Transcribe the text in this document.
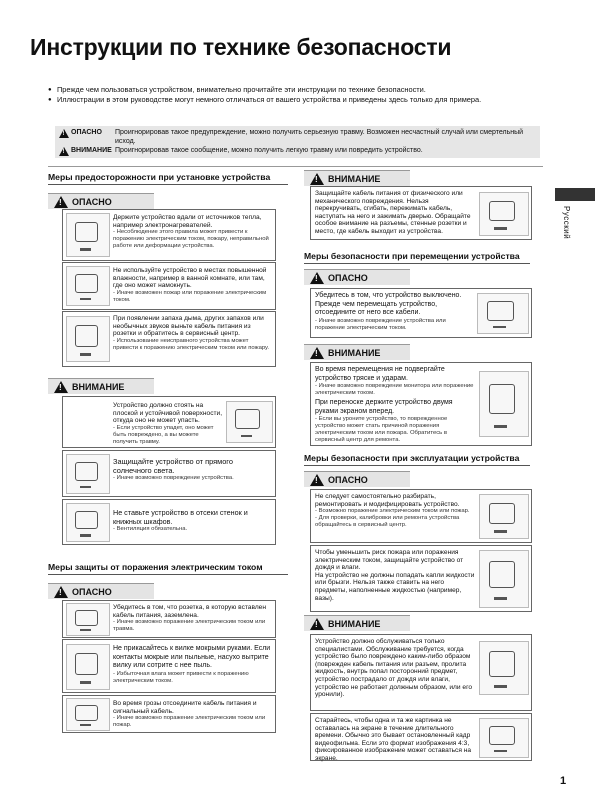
Инструкции по технике безопасности
● Прежде чем пользоваться устройством, внимательно прочитайте эти инструкции по технике безопасности.
● Иллюстрации в этом руководстве могут немного отличаться от вашего устройства и приведены здесь только для примера.
!
ОПАСНО Проигнорировав такое предупреждение, можно получить серьезную травму. Возможен несчастный случай или смертельный исход.
!
ВНИМАНИЕ Проигнорировав такое сообщение, можно получить легкую травму или повредить устройство.
Меры предосторожности при установке устройства
!
ОПАСНО
Держите устройство вдали от источников тепла, например электронагревателей.
- Несоблюдение этого правила может привести к поражению электрическим током, пожару, неправильной работе или деформации устройства.
Не используйте устройство в местах повышенной влажности, например в ванной комнате, или там, где оно может намокнуть.
- Иначе возможен пожар или поражение электрическим током.
При появлении запаха дыма, других запахов или необычных звуков выньте кабель питания из розетки и обратитесь в сервисный центр.
- Использование неисправного устройства может привести к поражению электрическим током или пожару.
!
ВНИМАНИЕ
Устройство должно стоять на плоской и устойчивой поверхности, откуда оно не может упасть.
- Если устройство упадет, оно может быть повреждено, а вы можете получить травму.
Защищайте устройство от прямого солнечного света.
- Иначе возможно повреждение устройства.
Не ставьте устройство в отсеки стенок и книжных шкафов.
- Вентиляция обязательна.
Меры защиты от поражения электрическим током
!
ОПАСНО
Убедитесь в том, что розетка, в которую вставлен кабель питания, заземлена.
- Иначе возможно поражение электрическим током или травма.
Не прикасайтесь к вилке мокрыми руками. Если контакты мокрые или пыльные, насухо вытрите вилку или сотрите с нее пыль.
- Избыточная влага может привести к поражению электрическим током.
Во время грозы отсоедините кабель питания и сигнальный кабель.
- Иначе возможно поражение электрическим током или пожар.
!
ВНИМАНИЕ
Защищайте кабель питания от физического или механического повреждения. Нельзя перекручивать, сгибать, пережимать кабель, наступать на него и зажимать дверью. Обращайте особое внимание на разъемы, стенные розетки и место, где кабель выходит из устройства.
Меры безопасности при перемещении устройства
!
ОПАСНО
Убедитесь в том, что устройство выключено. Прежде чем перемещать устройство, отсоедините от него все кабели.
- Иначе возможно повреждение устройства или поражение электрическим током.
!
ВНИМАНИЕ
Во время перемещения не подвергайте устройство тряске и ударам.
- Иначе возможно повреждение монитора или поражение электрическим током.
При переноске держите устройство двумя руками экраном вперед.
- Если вы уроните устройство, то поврежденное устройство может стать причиной поражения электрическим током или пожара. Обратитесь в сервисный центр для ремонта.
Меры безопасности при эксплуатации устройства
!
ОПАСНО
Не следует самостоятельно разбирать, ремонтировать и модифицировать устройство.
- Возможно поражение электрическим током или пожар.
- Для проверки, калибровки или ремонта устройства обращайтесь в сервисный центр.
Чтобы уменьшить риск пожара или поражения электрическим током, защищайте устройство от дождя и влаги.
На устройство не должны попадать капли жидкости или брызги. Нельзя также ставить на него предметы, наполненные жидкостью (например, вазы).
!
ВНИМАНИЕ
Устройство должно обслуживаться только специалистами. Обслуживание требуется, когда устройство было повреждено каким-либо образом (поврежден кабель питания или разъем, пролита жидкость, внутрь попал посторонний предмет, устройство пострадало от дождя или влаги, устройство не работает должным образом, или его уронили).
Старайтесь, чтобы одна и та же картинка не оставалась на экране в течение длительного времени. Обычно это бывает остановленный кадр видеофильма. Если это формат изображения 4:3, фиксированное изображение может оставаться на экране.
Русский
1
